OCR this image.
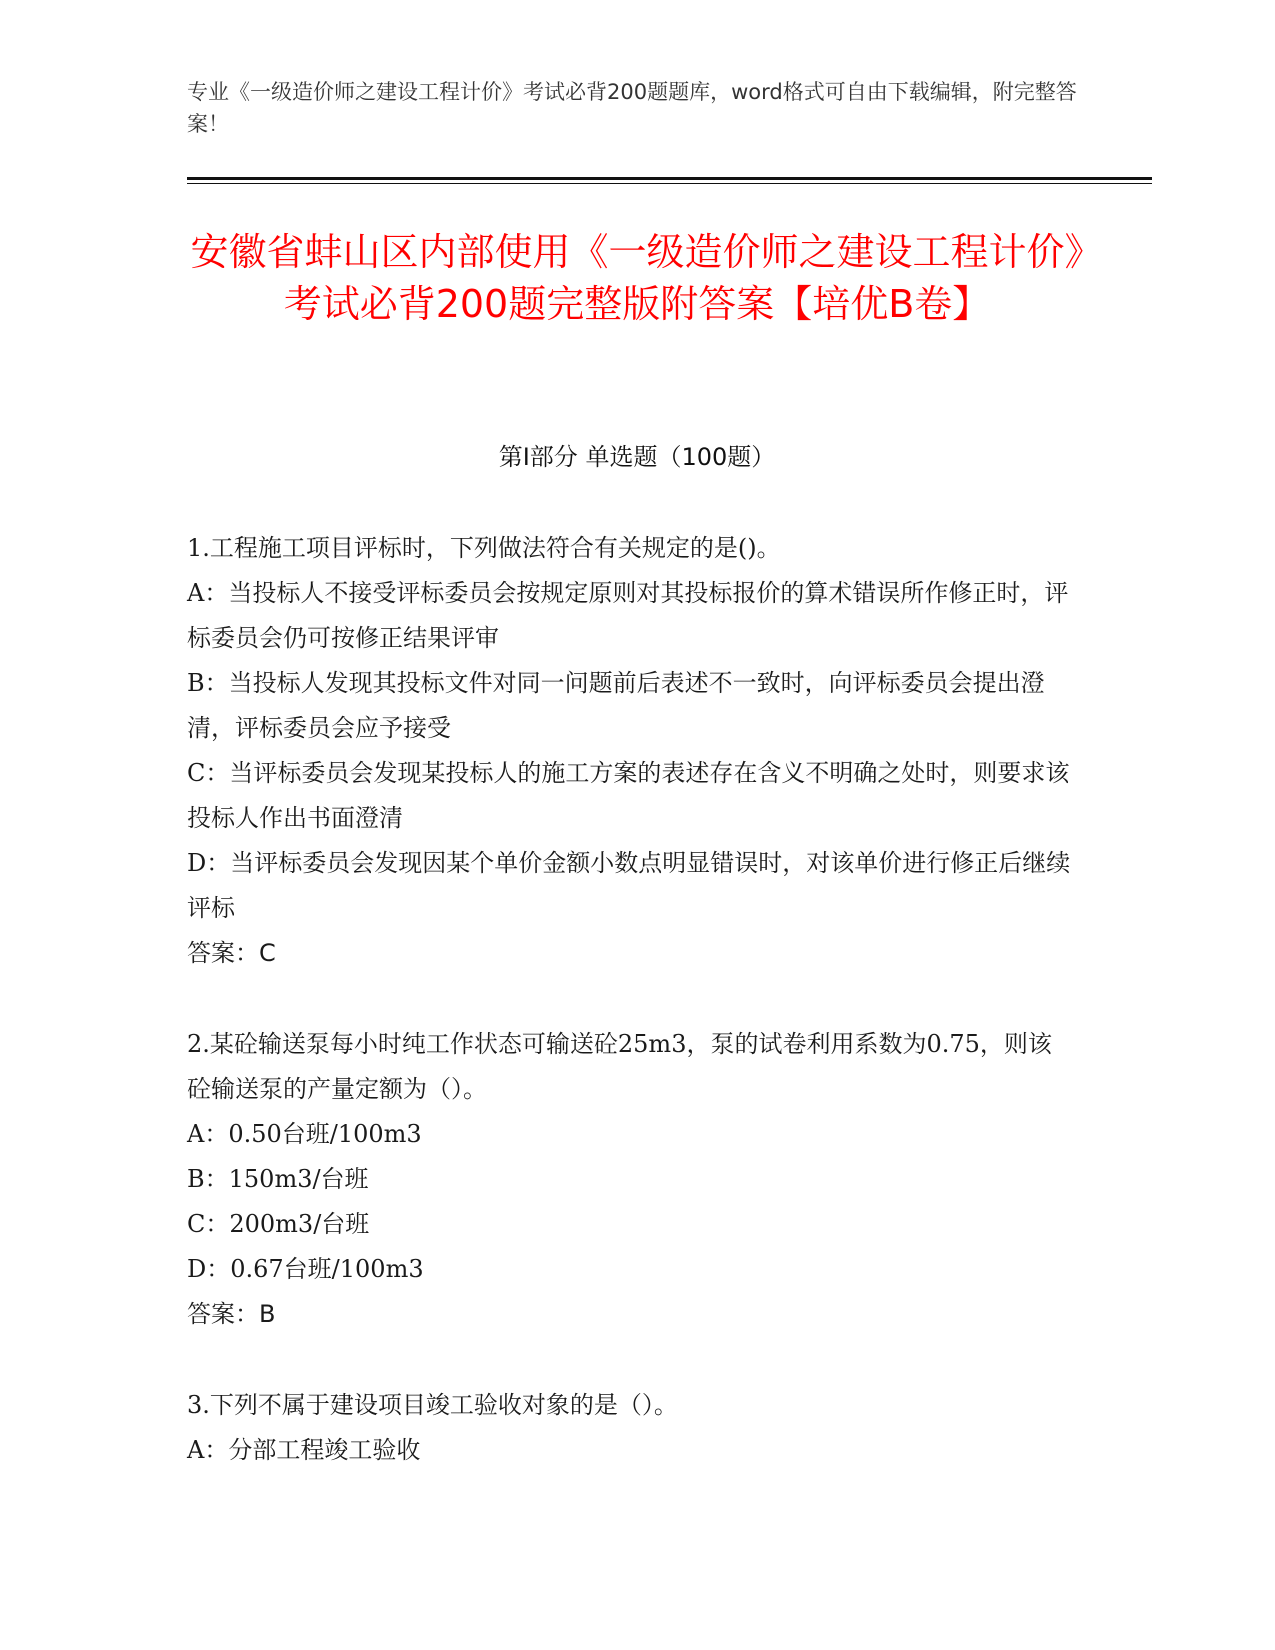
专业《一级造价师之建设工程计价》考试必背200题题库，word格式可自由下载编辑，附完整答案！
安徽省蚌山区内部使用《一级造价师之建设工程计价》考试必背200题完整版附答案【培优B卷】
第I部分 单选题（100题）

1.工程施工项目评标时，下列做法符合有关规定的是()。

A：当投标人不接受评标委员会按规定原则对其投标报价的算术错误所作修正时，评标委员会仍可按修正结果评审

B：当投标人发现其投标文件对同一问题前后表述不一致时，向评标委员会提出澄清，评标委员会应予接受

C：当评标委员会发现某投标人的施工方案的表述存在含义不明确之处时，则要求该投标人作出书面澄清

D：当评标委员会发现因某个单价金额小数点明显错误时，对该单价进行修正后继续评标

答案：C

2.某砼输送泵每小时纯工作状态可输送砼25m3，泵的试卷利用系数为0.75，则该砼输送泵的产量定额为（）。

A：0.50台班/100m3

B：150m3/台班

C：200m3/台班

D：0.67台班/100m3

答案：B

3.下列不属于建设项目竣工验收对象的是（）。

A：分部工程竣工验收
